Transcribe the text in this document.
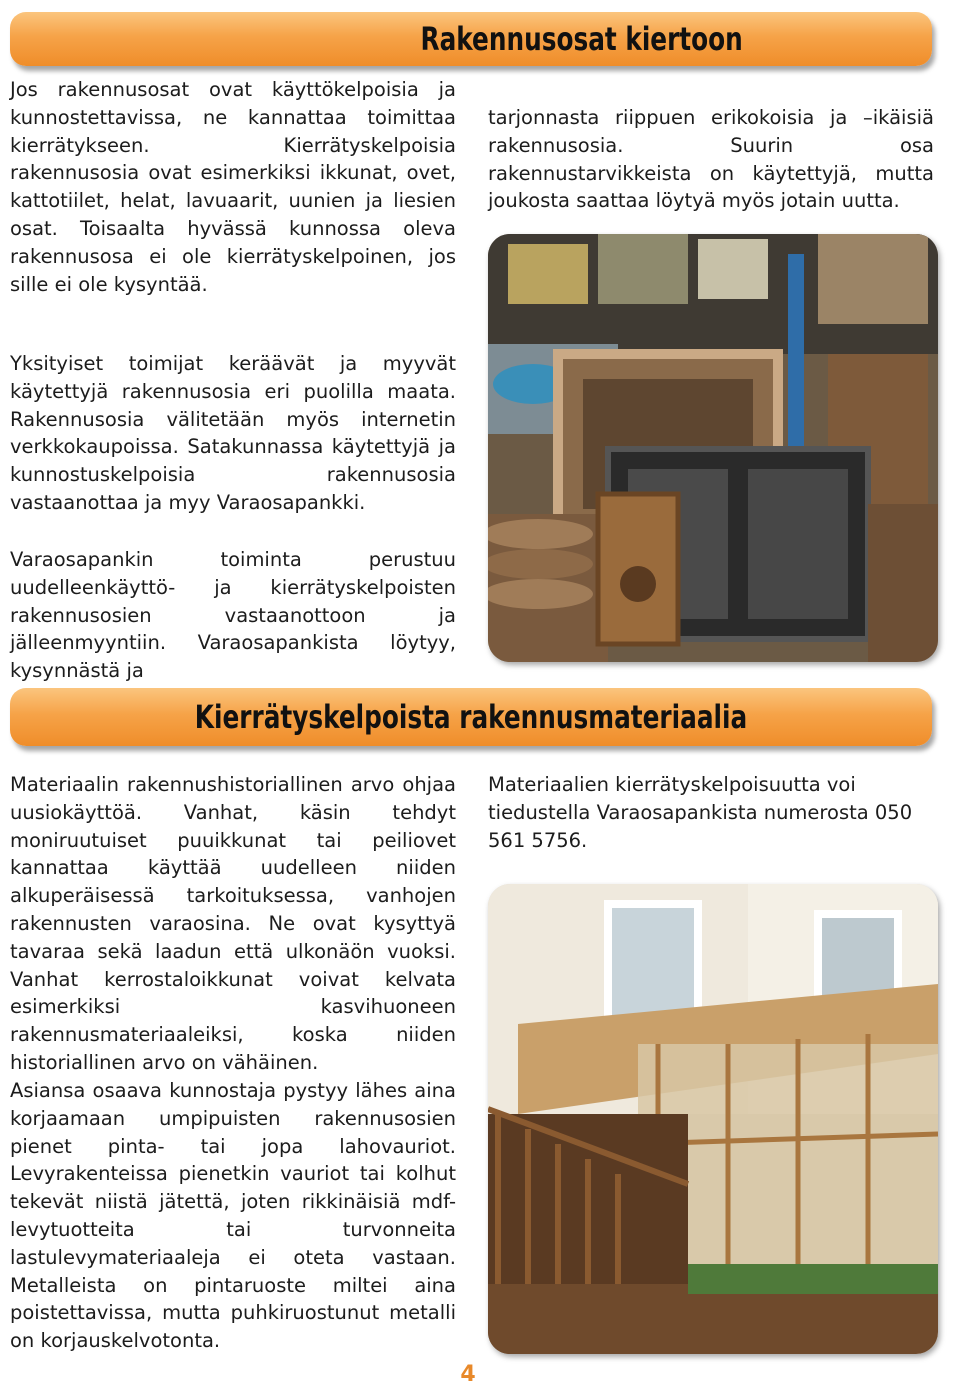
Rakennusosat kiertoon

Jos rakennusosat ovat käyttökelpoisia ja kunnostettavissa, ne kannattaa toimittaa kierrätykseen. Kierrätyskelpoisia rakennusosia ovat esimerkiksi ikkunat, ovet, kattotiilet, helat, lavuaarit, uunien ja liesien osat. Toisaalta hyvässä kunnossa oleva rakennusosa ei ole kierrätyskelpoinen, jos sille ei ole kysyntää.

Yksityiset toimijat keräävät ja myyvät käytettyjä rakennusosia eri puolilla maata. Rakennusosia välitetään myös internetin verkkokaupoissa. Satakunnassa käytettyjä ja kunnostuskelpoisia rakennusosia vastaanottaa ja myy Varaosapankki.

Varaosapankin toiminta perustuu uudelleenkäyttö- ja kierrätyskelpoisten rakennusosien vastaanottoon ja jälleenmyyntiin. Varaosapankista löytyy, kysynnästä ja

tarjonnasta riippuen erikokoisia ja –ikäisiä rakennusosia. Suurin osa rakennustarvikkeista on käytettyjä, mutta joukosta saattaa löytyä myös jotain uutta.

Kierrätyskelpoista rakennusmateriaalia

Materiaalin rakennushistoriallinen arvo ohjaa uusiokäyttöä. Vanhat, käsin tehdyt moniruutuiset puuikkunat tai peiliovet kannattaa käyttää uudelleen niiden alkuperäisessä tarkoituksessa, vanhojen rakennusten varaosina. Ne ovat kysyttyä tavaraa sekä laadun että ulkonäön vuoksi. Vanhat kerrostaloikkunat voivat kelvata esimerkiksi kasvihuoneen rakennusmateriaaleiksi, koska niiden historiallinen arvo on vähäinen.

Asiansa osaava kunnostaja pystyy lähes aina korjaamaan umpipuisten rakennusosien pienet pinta- tai jopa lahovauriot. Levyrakenteissa pienetkin vauriot tai kolhut tekevät niistä jätettä, joten rikkinäisiä mdf-levytuotteita tai turvonneita lastulevymateriaaleja ei oteta vastaan. Metalleista on pintaruoste miltei aina poistettavissa, mutta puhkiruostunut metalli on korjauskelvotonta.

Materiaalien kierrätyskelpoisuutta voi tiedustella Varaosapankista numerosta 050 561 5756.

4
